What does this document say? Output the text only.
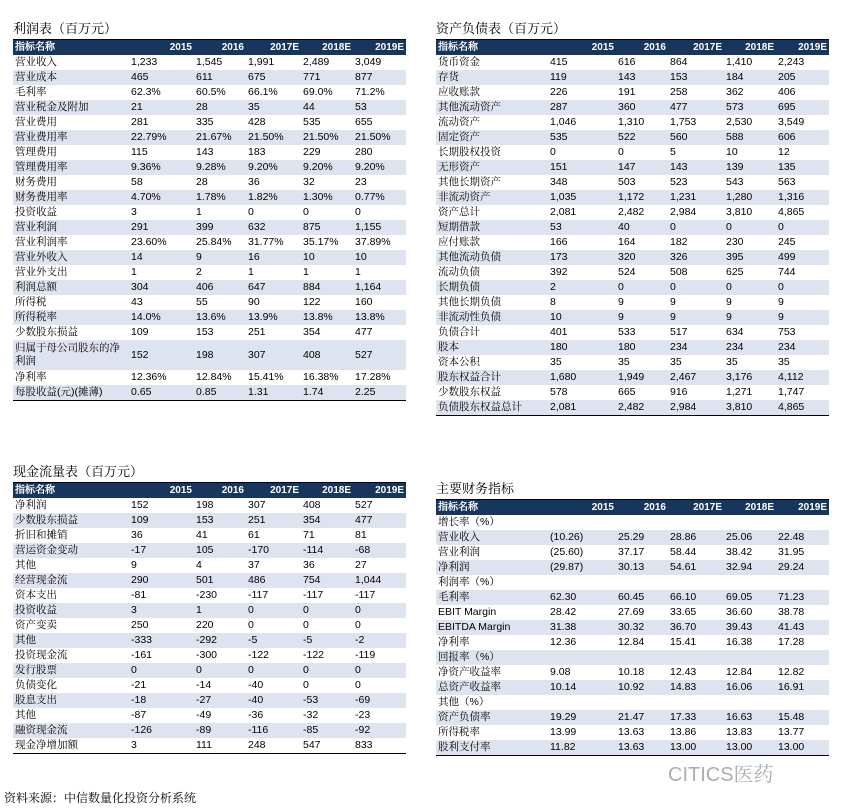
利润表（百万元）
指标名称	2015	2016	2017E	2018E	2019E
营业收入	1,233	1,545	1,991	2,489	3,049
营业成本	465	611	675	771	877
毛利率	62.3%	60.5%	66.1%	69.0%	71.2%
营业税金及附加	21	28	35	44	53
营业费用	281	335	428	535	655
营业费用率	22.79%	21.67%	21.50%	21.50%	21.50%
管理费用	115	143	183	229	280
管理费用率	9.36%	9.28%	9.20%	9.20%	9.20%
财务费用	58	28	36	32	23
财务费用率	4.70%	1.78%	1.82%	1.30%	0.77%
投资收益	3	1	0	0	0
营业利润	291	399	632	875	1,155
营业利润率	23.60%	25.84%	31.77%	35.17%	37.89%
营业外收入	14	9	16	10	10
营业外支出	1	2	1	1	1
利润总额	304	406	647	884	1,164
所得税	43	55	90	122	160
所得税率	14.0%	13.6%	13.9%	13.8%	13.8%
少数股东损益	109	153	251	354	477
归属于母公司股东的净利润	152	198	307	408	527
净利率	12.36%	12.84%	15.41%	16.38%	17.28%
每股收益(元)(摊薄)	0.65	0.85	1.31	1.74	2.25
资产负债表（百万元）
指标名称	2015	2016	2017E	2018E	2019E
货币资金	415	616	864	1,410	2,243
存货	119	143	153	184	205
应收账款	226	191	258	362	406
其他流动资产	287	360	477	573	695
流动资产	1,046	1,310	1,753	2,530	3,549
固定资产	535	522	560	588	606
长期股权投资	0	0	5	10	12
无形资产	151	147	143	139	135
其他长期资产	348	503	523	543	563
非流动资产	1,035	1,172	1,231	1,280	1,316
资产总计	2,081	2,482	2,984	3,810	4,865
短期借款	53	40	0	0	0
应付账款	166	164	182	230	245
其他流动负债	173	320	326	395	499
流动负债	392	524	508	625	744
长期负债	2	0	0	0	0
其他长期负债	8	9	9	9	9
非流动性负债	10	9	9	9	9
负债合计	401	533	517	634	753
股本	180	180	234	234	234
资本公积	35	35	35	35	35
股东权益合计	1,680	1,949	2,467	3,176	4,112
少数股东权益	578	665	916	1,271	1,747
负债股东权益总计	2,081	2,482	2,984	3,810	4,865
现金流量表（百万元）
指标名称	2015	2016	2017E	2018E	2019E
净利润	152	198	307	408	527
少数股东损益	109	153	251	354	477
折旧和摊销	36	41	61	71	81
营运资金变动	-17	105	-170	-114	-68
其他	9	4	37	36	27
经营现金流	290	501	486	754	1,044
资本支出	-81	-230	-117	-117	-117
投资收益	3	1	0	0	0
资产变卖	250	220	0	0	0
其他	-333	-292	-5	-5	-2
投资现金流	-161	-300	-122	-122	-119
发行股票	0	0	0	0	0
负债变化	-21	-14	-40	0	0
股息支出	-18	-27	-40	-53	-69
其他	-87	-49	-36	-32	-23
融资现金流	-126	-89	-116	-85	-92
现金净增加额	3	111	248	547	833
主要财务指标
指标名称	2015	2016	2017E	2018E	2019E
增长率（%）					
营业收入	(10.26)	25.29	28.86	25.06	22.48
营业利润	(25.60)	37.17	58.44	38.42	31.95
净利润	(29.87)	30.13	54.61	32.94	29.24
利润率（%）					
毛利率	62.30	60.45	66.10	69.05	71.23
EBIT Margin	28.42	27.69	33.65	36.60	38.78
EBITDA Margin	31.38	30.32	36.70	39.43	41.43
净利率	12.36	12.84	15.41	16.38	17.28
回报率（%）					
净资产收益率	9.08	10.18	12.43	12.84	12.82
总资产收益率	10.14	10.92	14.83	16.06	16.91
其他（%）					
资产负债率	19.29	21.47	17.33	16.63	15.48
所得税率	13.99	13.63	13.86	13.83	13.77
股利支付率	11.82	13.63	13.00	13.00	13.00
资料来源：中信数量化投资分析系统
CITICS医药
